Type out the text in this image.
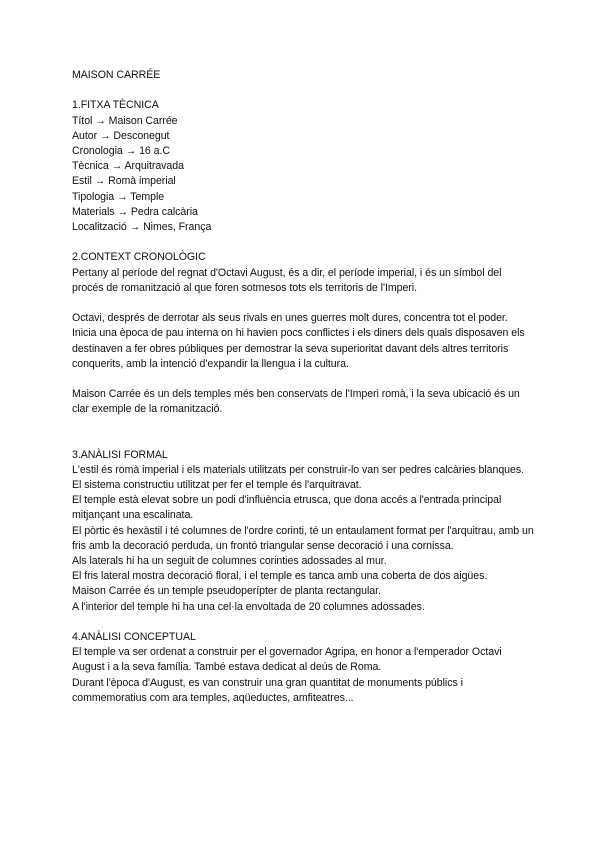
MAISON CARRÉE
1.FITXA TÈCNICA
Títol → Maison Carrée
Autor → Desconegut
Cronologia → 16 a.C
Tècnica → Arquitravada
Estil → Romà imperial
Tipologia → Temple
Materials → Pedra calcària
Localització → Nimes, França
2.CONTEXT CRONOLÒGIC

Pertany al període del regnat d'Octavi August, és a dir, el període imperial, i és un símbol del procés de romanització al que foren sotmesos tots els territoris de l'Imperi.

Octavi, després de derrotar als seus rivals en unes guerres molt dures, concentra tot el poder. Inicia una època de pau interna on hi havien pocs conflictes i els diners dels quals disposaven els destinaven a fer obres públiques per demostrar la seva superioritat davant dels altres territoris conquerits, amb la intenció d'expandir la llengua i la cultura.

Maison Carrée és un dels temples més ben conservats de l'Imperi romà, i la seva ubicació és un clar exemple de la romanització.

3.ANÀLISI FORMAL

L'estil és romà imperial i els materials utilitzats per construir-lo van ser pedres calcàries blanques.

El sistema constructiu utilitzat per fer el temple és l'arquitravat.

El temple està elevat sobre un podi d'influència etrusca, que dona accés a l'entrada principal mitjançant una escalinata.

El pòrtic és hexàstil i té columnes de l'ordre corinti, té un entaulament format per l'arquitrau, amb un fris amb la decoració perduda, un frontó triangular sense decoració i una cornissa.

Als laterals hi ha un seguit de columnes corinties adossades al mur.

El fris lateral mostra decoració floral, i el temple es tanca amb una coberta de dos aigües.

Maison Carrée és un temple pseudoperípter de planta rectangular.

A l'interior del temple hi ha una cel·la envoltada de 20 columnes adossades.

4.ANÀLISI CONCEPTUAL

El temple va ser ordenat a construir per el governador Agripa, en honor a l'emperador Octavi August i a la seva família. També estava dedicat al deús de Roma.

Durant l'època d'August, es van construir una gran quantitat de monuments públics i commemoratius com ara temples, aqüeductes, amfiteatres...
